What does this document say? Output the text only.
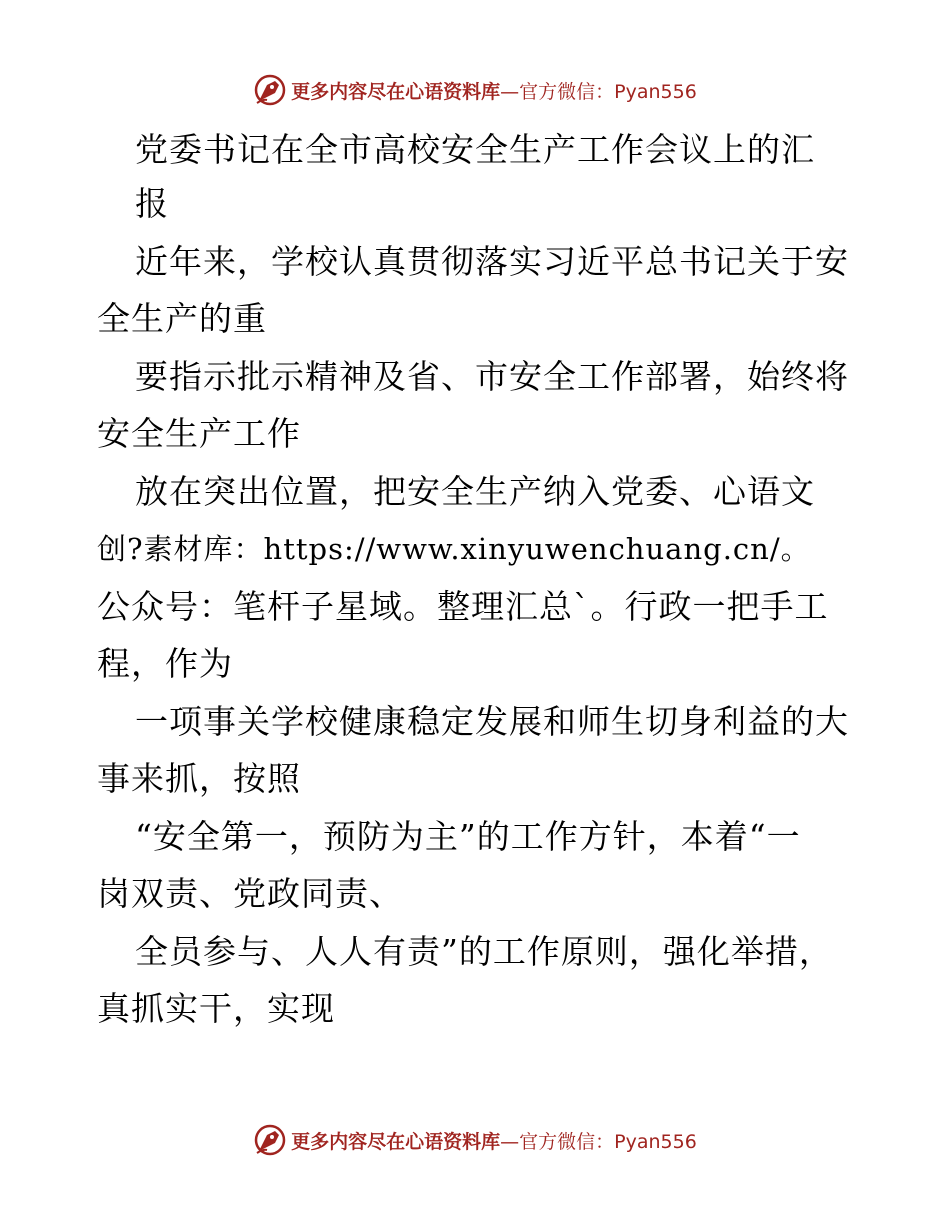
更多内容尽在心语资料库 —官方微信：Pyan556
党委书记在全市高校安全生产工作会议上的汇
报
近年来，学校认真贯彻落实习近平总书记关于安
全生产的重
要指示批示精神及省、市安全工作部署，始终将
安全生产工作
放在突出位置，把安全生产纳入党委、心语文
创?素材库：https://www.xinyuwenchuang.cn/。
公众号：笔杆子星域。整理汇总`。行政一把手工
程，作为
一项事关学校健康稳定发展和师生切身利益的大
事来抓，按照
“安全第一，预防为主”的工作方针，本着“一
岗双责、党政同责、
全员参与、人人有责”的工作原则，强化举措，
真抓实干，实现
更多内容尽在心语资料库 —官方微信：Pyan556
